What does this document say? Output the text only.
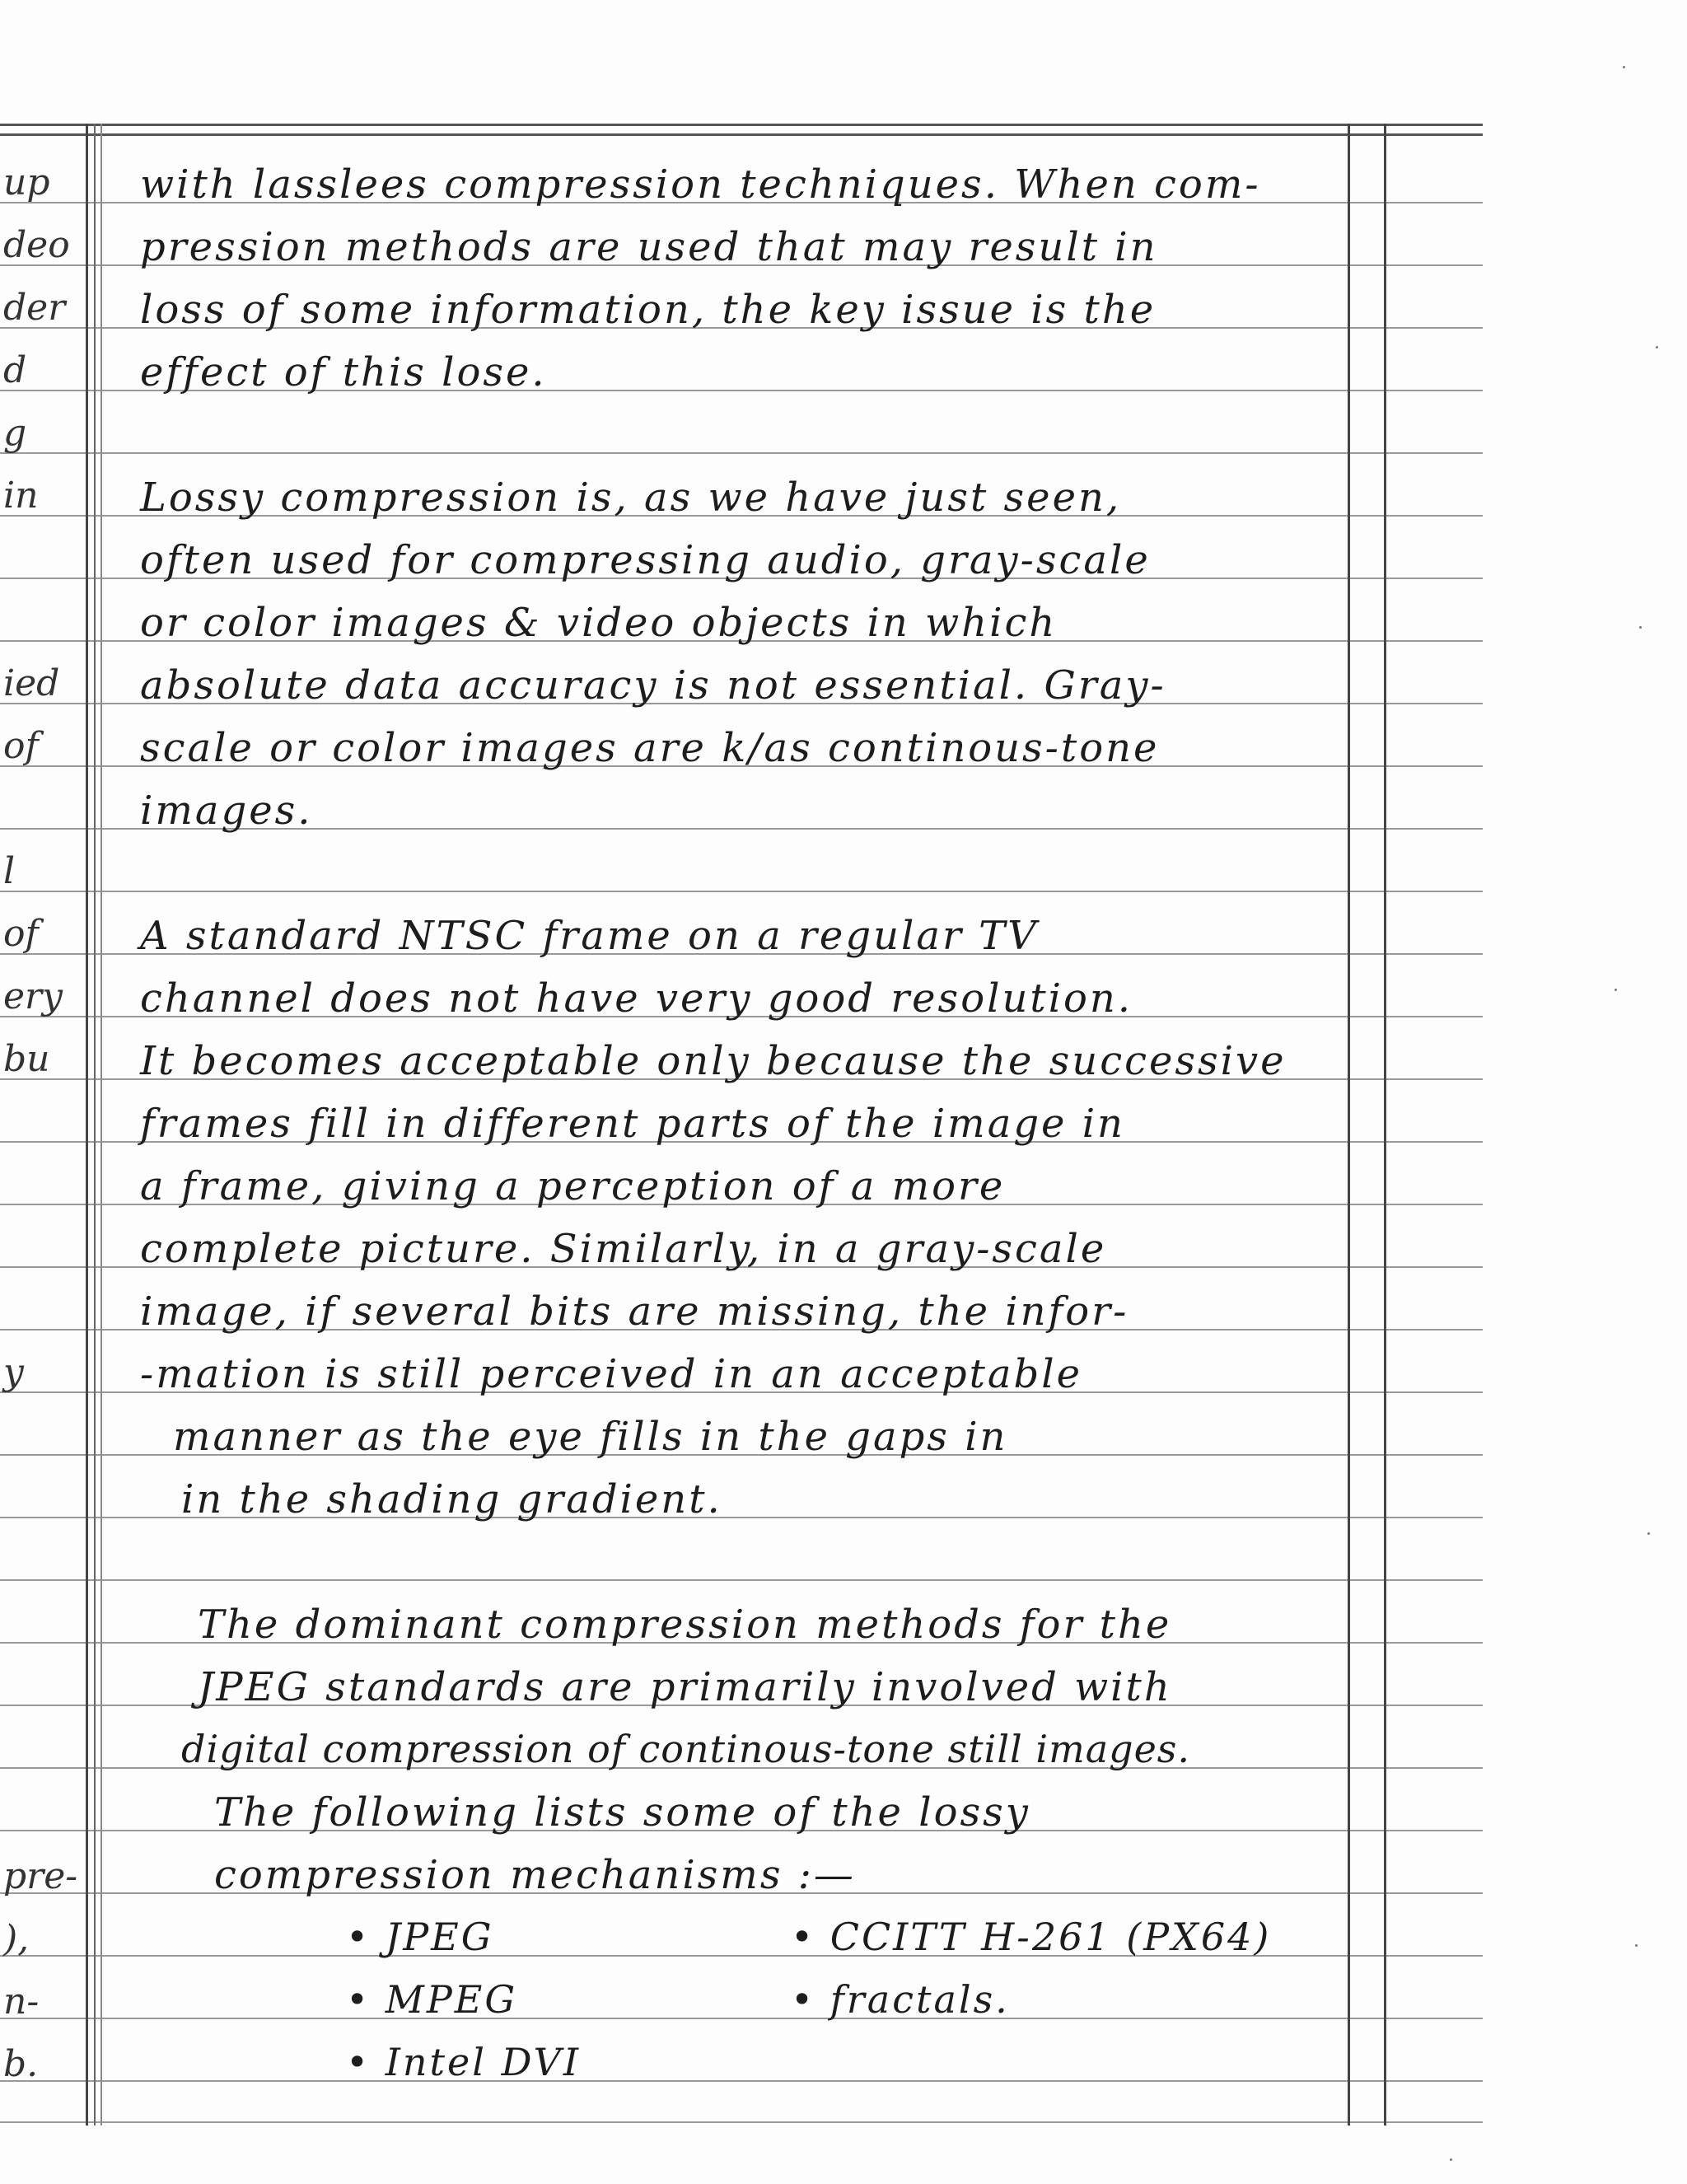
up
deo
der
d
g
in
ied
of
l
of
ery
bu
y
pre-
),
n-
b.
with lasslees compression techniques. When com-
pression methods are used that may result in
loss of some information, the key issue is the
effect of this lose.
Lossy compression is, as we have just seen,
often used for compressing audio, gray-scale
or color images & video objects in which
absolute data accuracy is not essential. Gray-
scale or color images are k/as continous-tone
images.
A standard NTSC frame on a regular TV
channel does not have very good resolution.
It becomes acceptable only because the successive
frames fill in different parts of the image in
a frame, giving a perception of a more
complete picture. Similarly, in a gray-scale
image, if several bits are missing, the infor-
-mation is still perceived in an acceptable
manner as the eye fills in the gaps in
in the shading gradient.
The dominant compression methods for the
JPEG standards are primarily involved with
digital compression of continous-tone still images.
The following lists some of the lossy
compression mechanisms :—
• JPEG
• MPEG
• Intel DVI
• CCITT H-261 (PX64)
• fractals.
